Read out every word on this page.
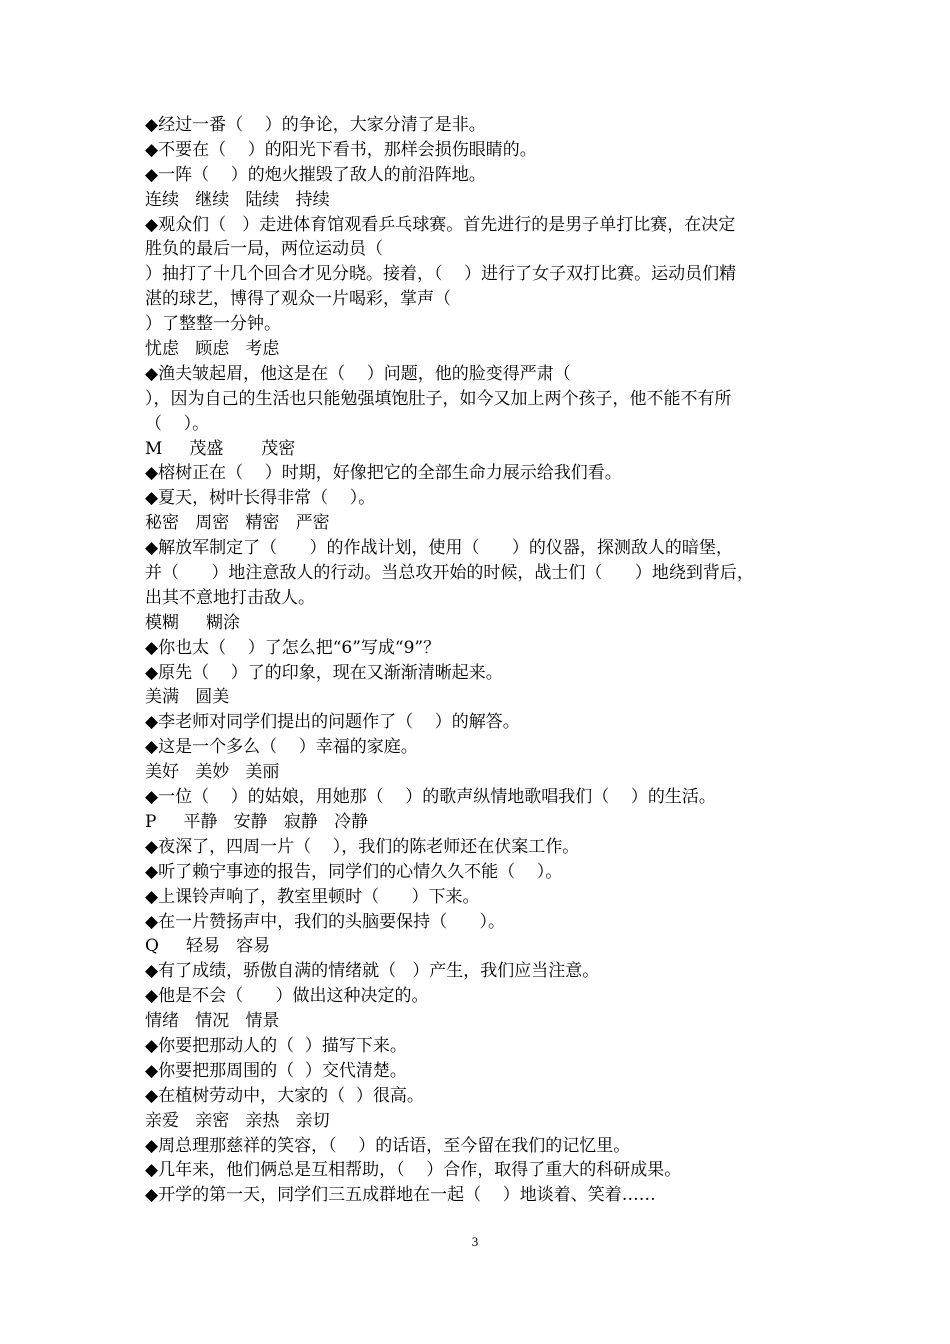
◆经过一番（    ）的争论，大家分清了是非。
◆不要在（    ）的阳光下看书，那样会损伤眼睛的。
◆一阵（    ）的炮火摧毁了敌人的前沿阵地。
连续   继续   陆续   持续
◆观众们（   ）走进体育馆观看乒乓球赛。首先进行的是男子单打比赛，在决定
胜负的最后一局，两位运动员（
）抽打了十几个回合才见分晓。接着，（    ）进行了女子双打比赛。运动员们精
湛的球艺，博得了观众一片喝彩，掌声（
）了整整一分钟。
忧虑   顾虑   考虑
◆渔夫皱起眉，他这是在（    ）问题，他的脸变得严肃（
），因为自己的生活也只能勉强填饱肚子，如今又加上两个孩子，他不能不有所
（    ）。
M     茂盛       茂密
◆榕树正在（    ）时期，好像把它的全部生命力展示给我们看。
◆夏天，树叶长得非常（    ）。
秘密   周密   精密   严密
◆解放军制定了（      ）的作战计划，使用（      ）的仪器，探测敌人的暗堡，
并（      ）地注意敌人的行动。当总攻开始的时候，战士们（      ）地绕到背后，
出其不意地打击敌人。
模糊     糊涂
◆你也太（    ）了怎么把“6”写成“9”？
◆原先（    ）了的印象，现在又渐渐清晰起来。
美满   圆美
◆李老师对同学们提出的问题作了（    ）的解答。
◆这是一个多么（    ）幸福的家庭。
美好   美妙   美丽
◆一位（    ）的姑娘，用她那（    ）的歌声纵情地歌唱我们（    ）的生活。
P     平静   安静   寂静   冷静
◆夜深了，四周一片（    ），我们的陈老师还在伏案工作。
◆听了赖宁事迹的报告，同学们的心情久久不能（    ）。
◆上课铃声响了，教室里顿时（      ）下来。
◆在一片赞扬声中，我们的头脑要保持（      ）。
Q     轻易   容易
◆有了成绩，骄傲自满的情绪就（   ）产生，我们应当注意。
◆他是不会（      ）做出这种决定的。
情绪   情况   情景
◆你要把那动人的（  ）描写下来。
◆你要把那周围的（  ）交代清楚。
◆在植树劳动中，大家的（  ）很高。
亲爱   亲密   亲热   亲切
◆周总理那慈祥的笑容，（    ）的话语，至今留在我们的记忆里。
◆几年来，他们俩总是互相帮助，（    ）合作，取得了重大的科研成果。
◆开学的第一天，同学们三五成群地在一起（    ）地谈着、笑着……
3
